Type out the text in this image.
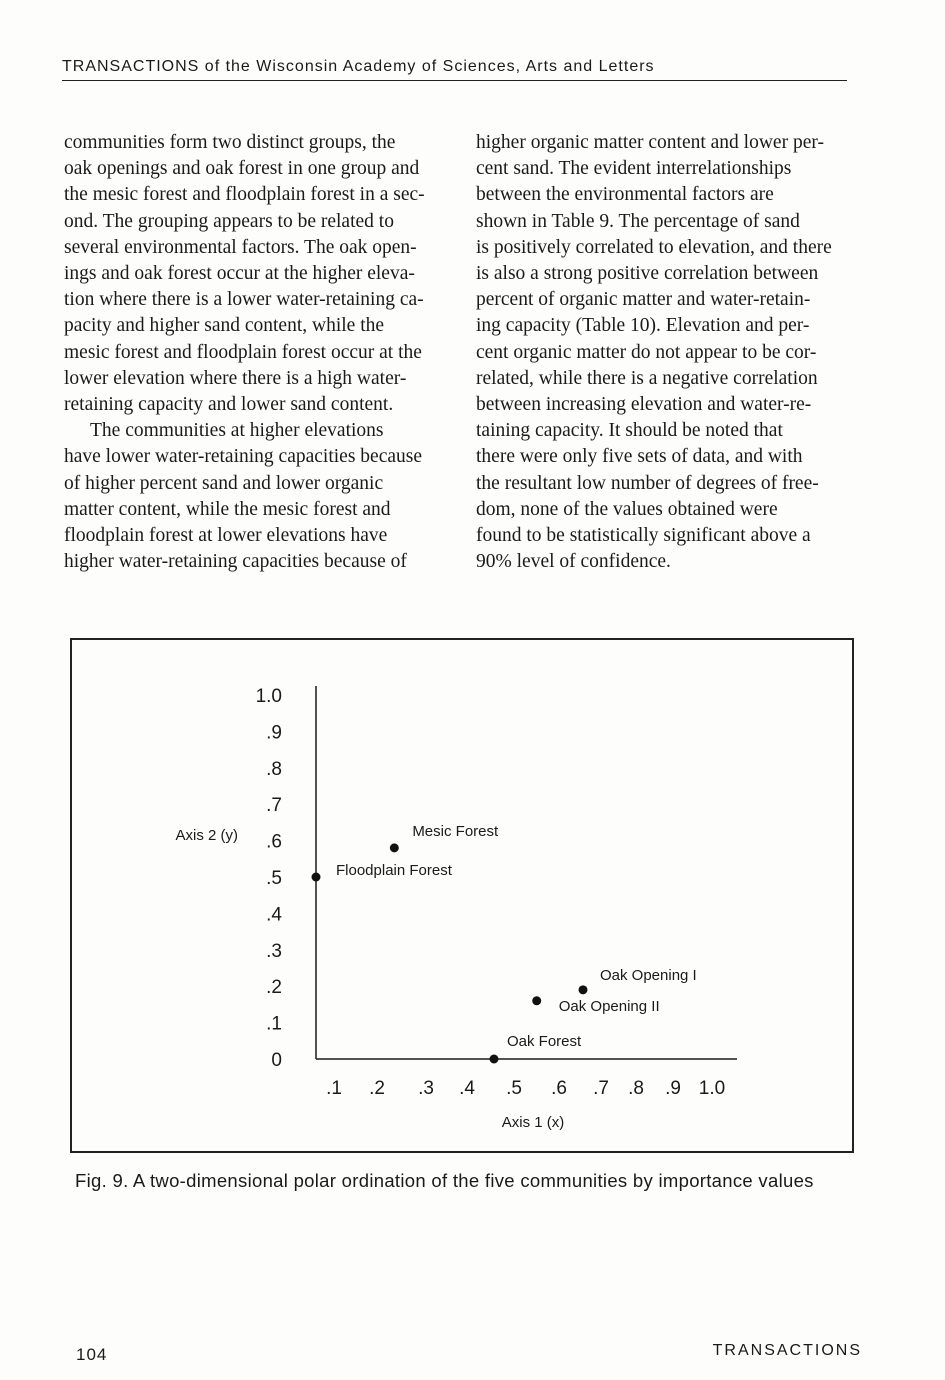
TRANSACTIONS of the Wisconsin Academy of Sciences, Arts and Letters

communities form two distinct groups, the
oak openings and oak forest in one group and
the mesic forest and floodplain forest in a sec-
ond. The grouping appears to be related to
several environmental factors. The oak open-
ings and oak forest occur at the higher eleva-
tion where there is a lower water-retaining ca-
pacity and higher sand content, while the
mesic forest and floodplain forest occur at the
lower elevation where there is a high water-
retaining capacity and lower sand content.

The communities at higher elevations
have lower water-retaining capacities because
of higher percent sand and lower organic
matter content, while the mesic forest and
floodplain forest at lower elevations have
higher water-retaining capacities because of

higher organic matter content and lower per-
cent sand. The evident interrelationships
between the environmental factors are
shown in Table 9. The percentage of sand
is positively correlated to elevation, and there
is also a strong positive correlation between
percent of organic matter and water-retain-
ing capacity (Table 10). Elevation and per-
cent organic matter do not appear to be cor-
related, while there is a negative correlation
between increasing elevation and water-re-
taining capacity. It should be noted that
there were only five sets of data, and with
the resultant low number of degrees of free-
dom, none of the values obtained were
found to be statistically significant above a
90% level of confidence.

Axis 2 (y)
Axis 1 (x)
0
.1
.2
.3
.4
.5
.6
.7
.8
.9
1.0
.1 .2 .3 .4 .5 .6 .7 .8 .9 1.0
Mesic Forest
Floodplain Forest
Oak Opening I
Oak Opening II
Oak Forest
Fig. 9. A two-dimensional polar ordination of the five communities by importance values
104	TRANSACTIONS
